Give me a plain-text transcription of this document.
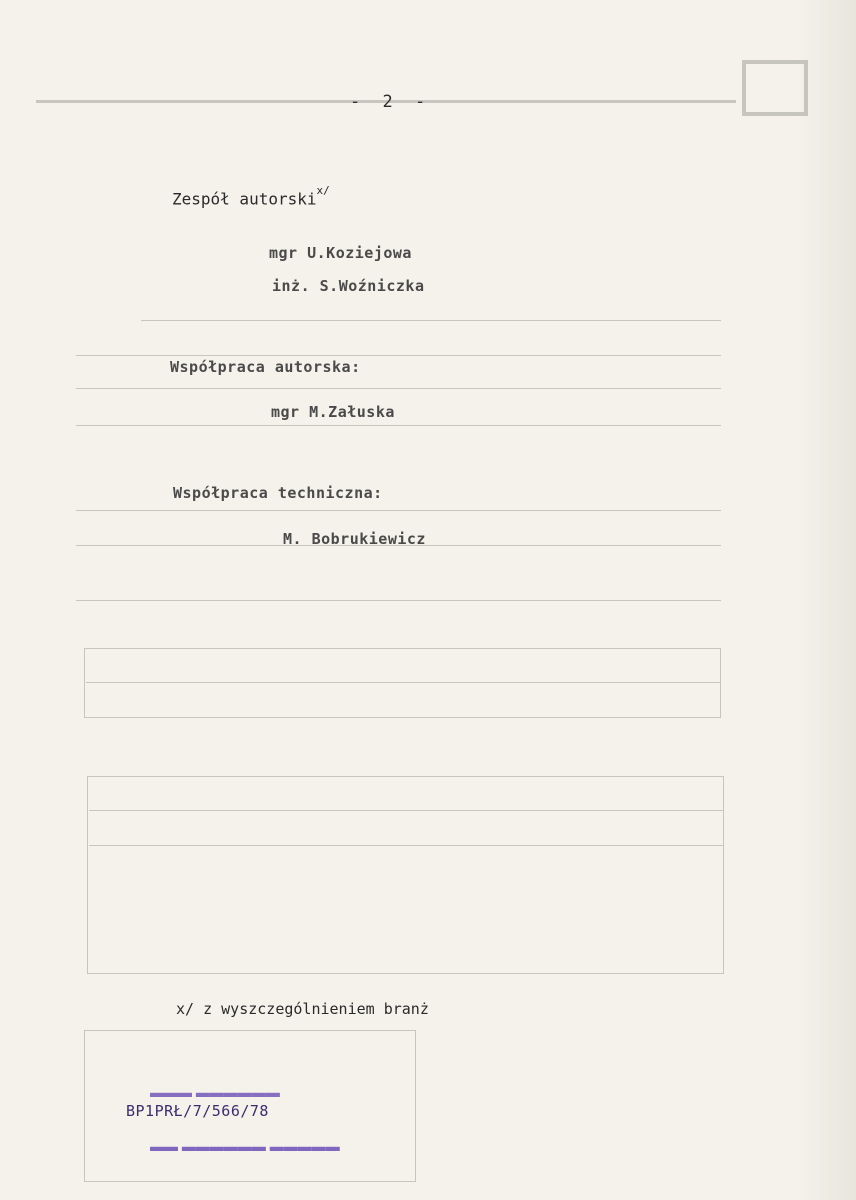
- 2 -
Zespół autorski$^{x/}$
mgr U.Koziejowa
inż. S.Woźniczka
Współpraca autorska:
mgr M.Załuska
Współpraca techniczna:
M. Bobrukiewicz
x/ z wyszczególnieniem branż
▬▬▬ ▬▬▬▬▬▬
BP1PRŁ/7/566/78
▬▬ ▬▬▬▬▬▬ ▬▬▬▬▬
